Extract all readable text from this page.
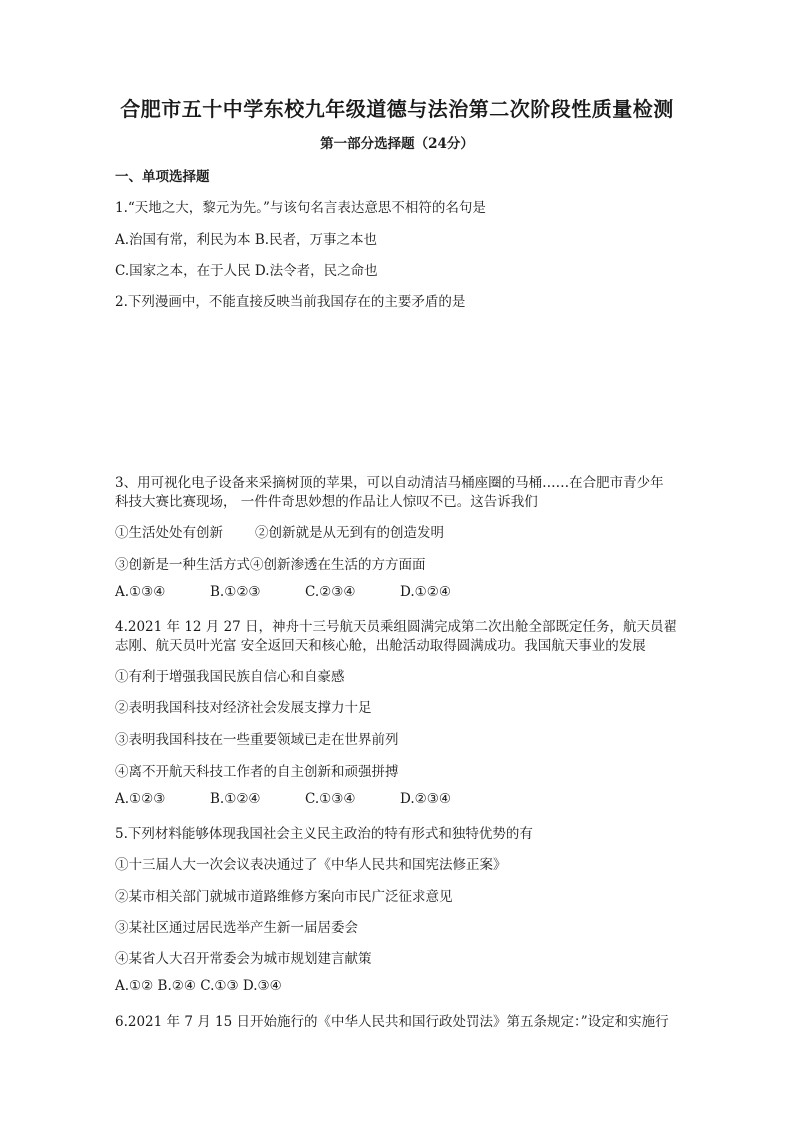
合肥市五十中学东校九年级道德与法治第二次阶段性质量检测
第一部分选择题（24分）
一、单项选择题
1.“天地之大，黎元为先。”与该句名言表达意思不相符的名句是
A.治国有常，利民为本 B.民者，万事之本也
C.国家之本，在于人民 D.法令者，民之命也
2.下列漫画中，不能直接反映当前我国存在的主要矛盾的是
3、用可视化电子设备来采摘树顶的苹果，可以自动清洁马桶座圈的马桶……在合肥市青少年
科技大赛比赛现场， 一件件奇思妙想的作品让人惊叹不已。这告诉我们
①生活处处有创新 ②创新就是从无到有的创造发明
③创新是一种生活方式④创新渗透在生活的方方面面
A.①③④	B.①②③	C.②③④	D.①②④
4.2021 年 12 月 27 日，神舟十三号航天员乘组圆满完成第二次出舱全部既定任务，航天员翟
志刚、航天员叶光富 安全返回天和核心舱，出舱活动取得圆满成功。我国航天事业的发展
①有利于增强我国民族自信心和自豪感
②表明我国科技对经济社会发展支撑力十足
③表明我国科技在一些重要领域已走在世界前列
④离不开航天科技工作者的自主创新和顽强拼搏
A.①②③	B.①②④	C.①③④	D.②③④
5.下列材料能够体现我国社会主义民主政治的特有形式和独特优势的有
①十三届人大一次会议表决通过了《中华人民共和国宪法修正案》
②某市相关部门就城市道路维修方案向市民广泛征求意见
③某社区通过居民选举产生新一届居委会
④某省人大召开常委会为城市规划建言献策
A.①② B.②④ C.①③ D.③④
6.2021 年 7 月 15 日开始施行的《中华人民共和国行政处罚法》第五条规定：”设定和实施行
